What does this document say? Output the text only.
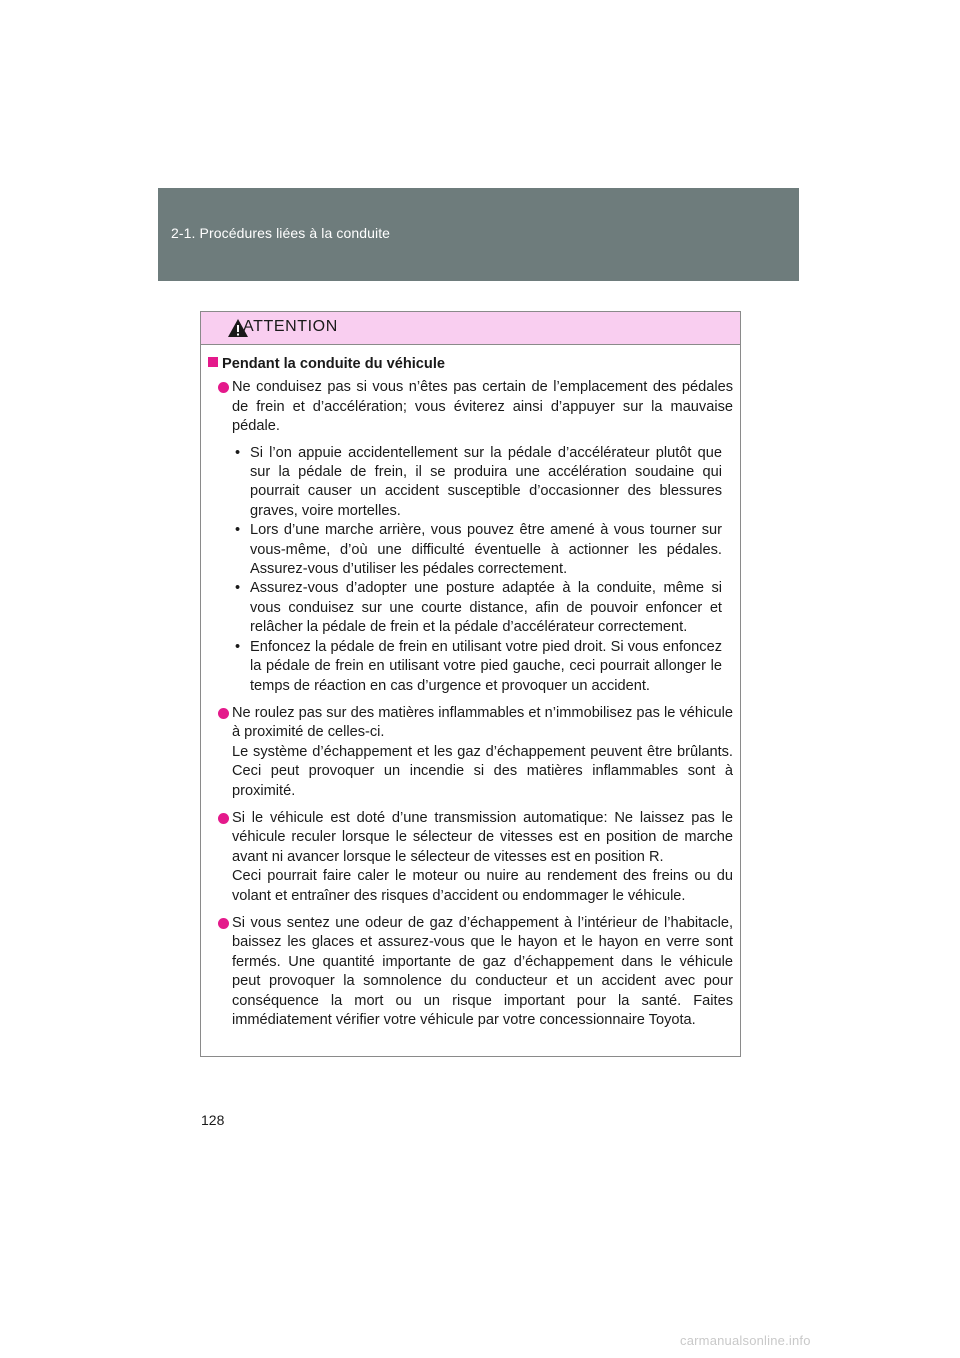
2-1. Procédures liées à la conduite
ATTENTION
Pendant la conduite du véhicule

Ne conduisez pas si vous n’êtes pas certain de l’emplacement des pédales de frein et d’accélération; vous éviterez ainsi d’appuyer sur la mauvaise pédale.

• Si l’on appuie accidentellement sur la pédale d’accélérateur plutôt que sur la pédale de frein, il se produira une accélération soudaine qui pourrait causer un accident susceptible d’occasionner des blessures graves, voire mortelles.
• Lors d’une marche arrière, vous pouvez être amené à vous tourner sur vous-même, d’où une difficulté éventuelle à actionner les pédales. Assurez-vous d’utiliser les pédales correctement.
• Assurez-vous d’adopter une posture adaptée à la conduite, même si vous conduisez sur une courte distance, afin de pouvoir enfoncer et relâcher la pédale de frein et la pédale d’accélérateur correctement.
• Enfoncez la pédale de frein en utilisant votre pied droit. Si vous enfoncez la pédale de frein en utilisant votre pied gauche, ceci pourrait allonger le temps de réaction en cas d’urgence et provoquer un accident.

Ne roulez pas sur des matières inflammables et n’immobilisez pas le véhicule à proximité de celles-ci.

Le système d’échappement et les gaz d’échappement peuvent être brûlants. Ceci peut provoquer un incendie si des matières inflammables sont à proximité.

Si le véhicule est doté d’une transmission automatique: Ne laissez pas le véhicule reculer lorsque le sélecteur de vitesses est en position de marche avant ni avancer lorsque le sélecteur de vitesses est en position R.

Ceci pourrait faire caler le moteur ou nuire au rendement des freins ou du volant et entraîner des risques d’accident ou endommager le véhicule.

Si vous sentez une odeur de gaz d’échappement à l’intérieur de l’habitacle, baissez les glaces et assurez-vous que le hayon et le hayon en verre sont fermés. Une quantité importante de gaz d’échappement dans le véhicule peut provoquer la somnolence du conducteur et un accident avec pour conséquence la mort ou un risque important pour la santé. Faites immédiatement vérifier votre véhicule par votre concessionnaire Toyota.

128
carmanualsonline.info
